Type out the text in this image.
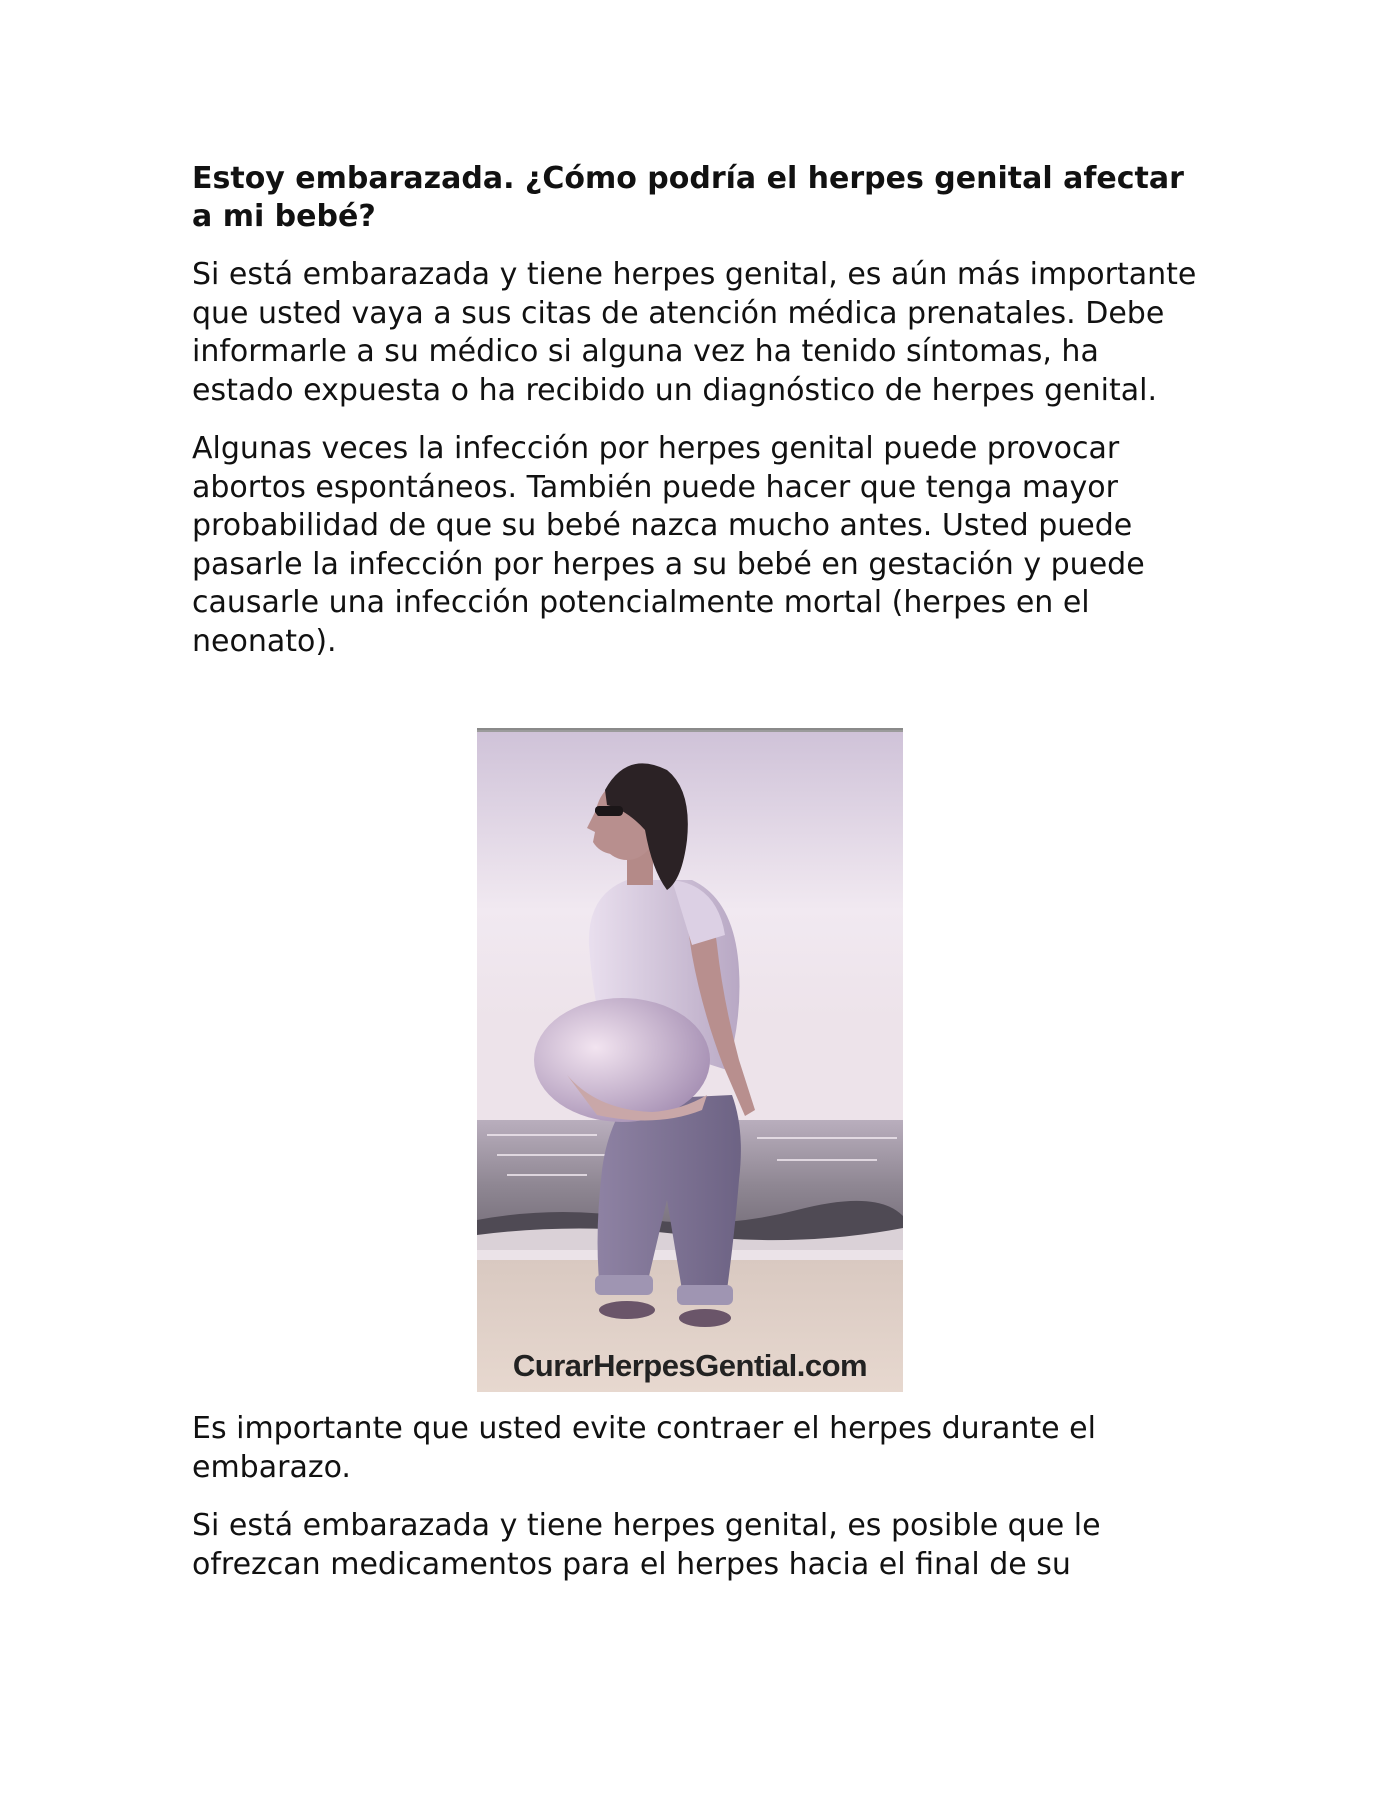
Estoy embarazada. ¿Cómo podría el herpes genital afectar a mi bebé?

Si está embarazada y tiene herpes genital, es aún más importante que usted vaya a sus citas de atención médica prenatales. Debe informarle a su médico si alguna vez ha tenido síntomas, ha estado expuesta o ha recibido un diagnóstico de herpes genital.

Algunas veces la infección por herpes genital puede provocar abortos espontáneos. También puede hacer que tenga mayor probabilidad de que su bebé nazca mucho antes. Usted puede pasarle la infección por herpes a su bebé en gestación y puede causarle una infección potencialmente mortal (herpes en el neonato).

CurarHerpesGential.com

Es importante que usted evite contraer el herpes durante el embarazo.

Si está embarazada y tiene herpes genital, es posible que le ofrezcan medicamentos para el herpes hacia el final de su
